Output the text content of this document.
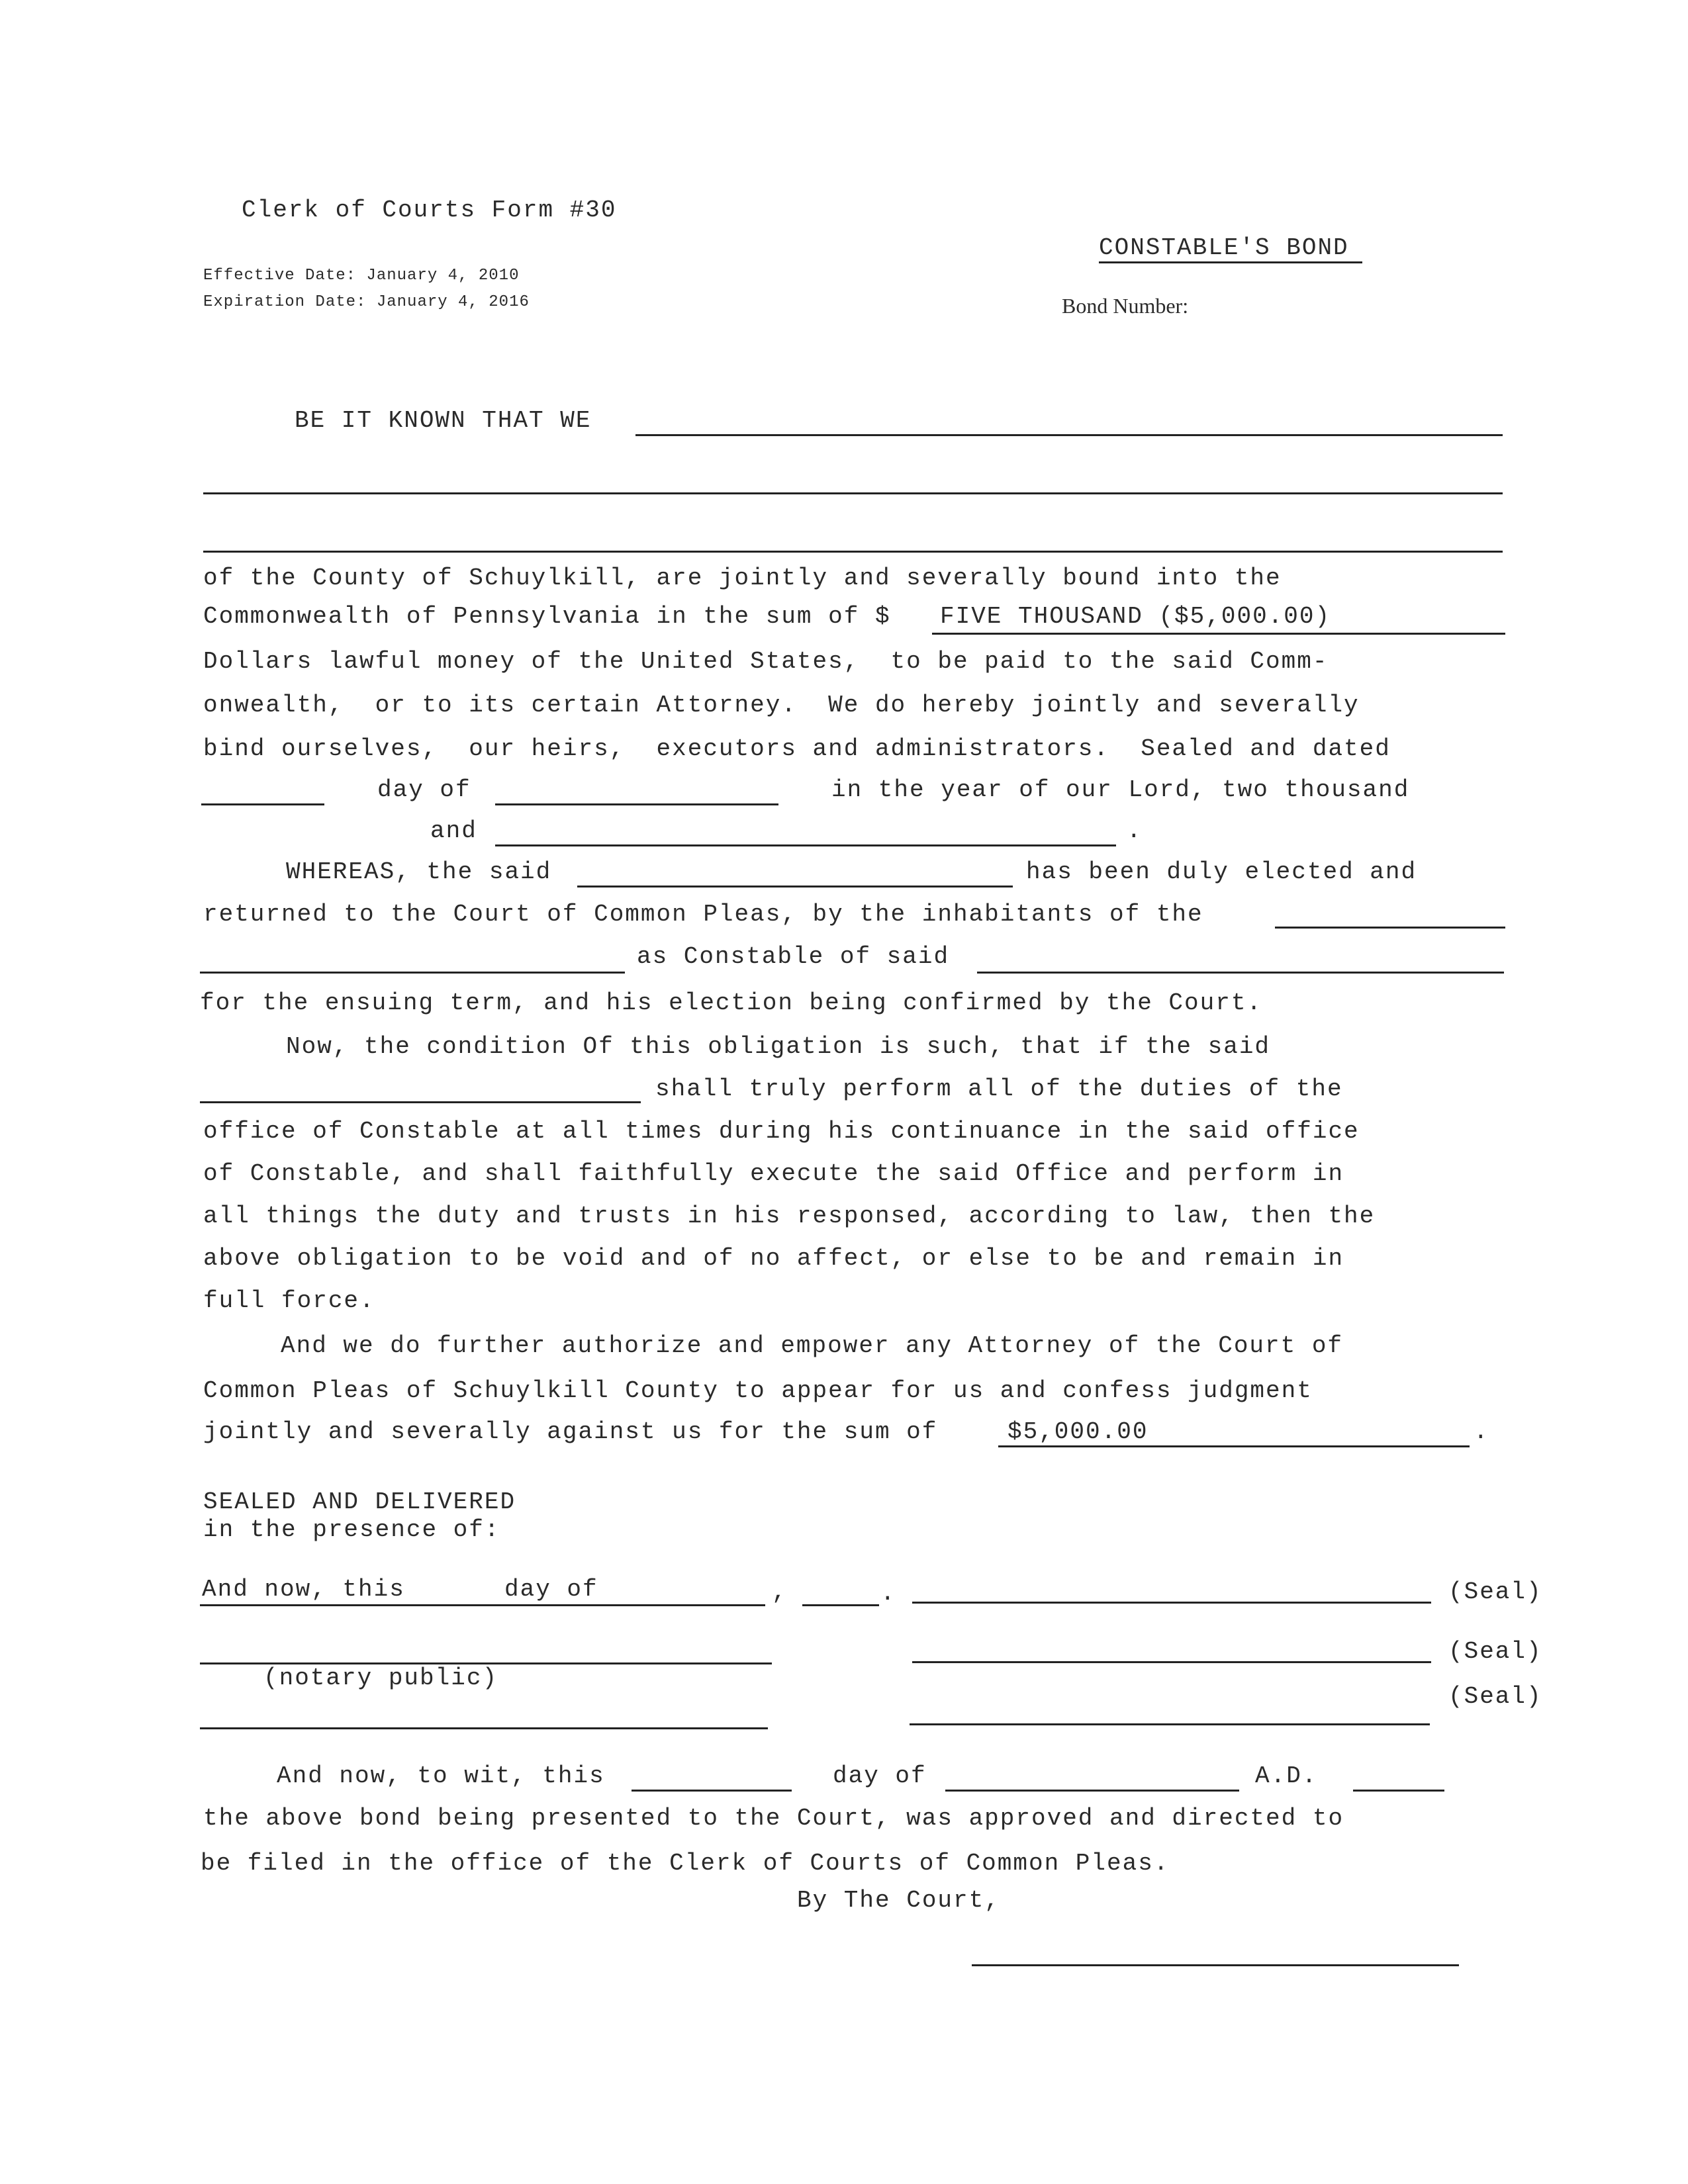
Clerk of Courts Form #30
CONSTABLE'S BOND
Effective Date: January 4, 2010
Expiration Date: January 4, 2016	Bond Number:
BE IT KNOWN THAT WE
of the County of Schuylkill, are jointly and severally bound into the
Commonwealth of Pennsylvania in the sum of $ FIVE THOUSAND ($5,000.00)
Dollars lawful money of the United States,  to be paid to the said Comm-
onwealth,  or to its certain Attorney.  We do hereby jointly and severally
bind ourselves,  our heirs,  executors and administrators.  Sealed and dated
day of	in the year of our Lord, two thousand
and	.
WHEREAS, the said	has been duly elected and
returned to the Court of Common Pleas, by the inhabitants of the
as Constable of said
for the ensuing term, and his election being confirmed by the Court.
Now, the condition Of this obligation is such, that if the said
shall truly perform all of the duties of the
office of Constable at all times during his continuance in the said office
of Constable, and shall faithfully execute the said Office and perform in
all things the duty and trusts in his responsed, according to law, then the
above obligation to be void and of no affect, or else to be and remain in
full force.
And we do further authorize and empower any Attorney of the Court of
Common Pleas of Schuylkill County to appear for us and confess judgment
jointly and severally against us for the sum of	$5,000.00	.
SEALED AND DELIVERED
in the presence of:
And now, this	day of	,	.	(Seal)
(Seal)
(notary public)
(Seal)
And now, to wit, this	day of	A.D.
the above bond being presented to the Court, was approved and directed to
be filed in the office of the Clerk of Courts of Common Pleas.
By The Court,
